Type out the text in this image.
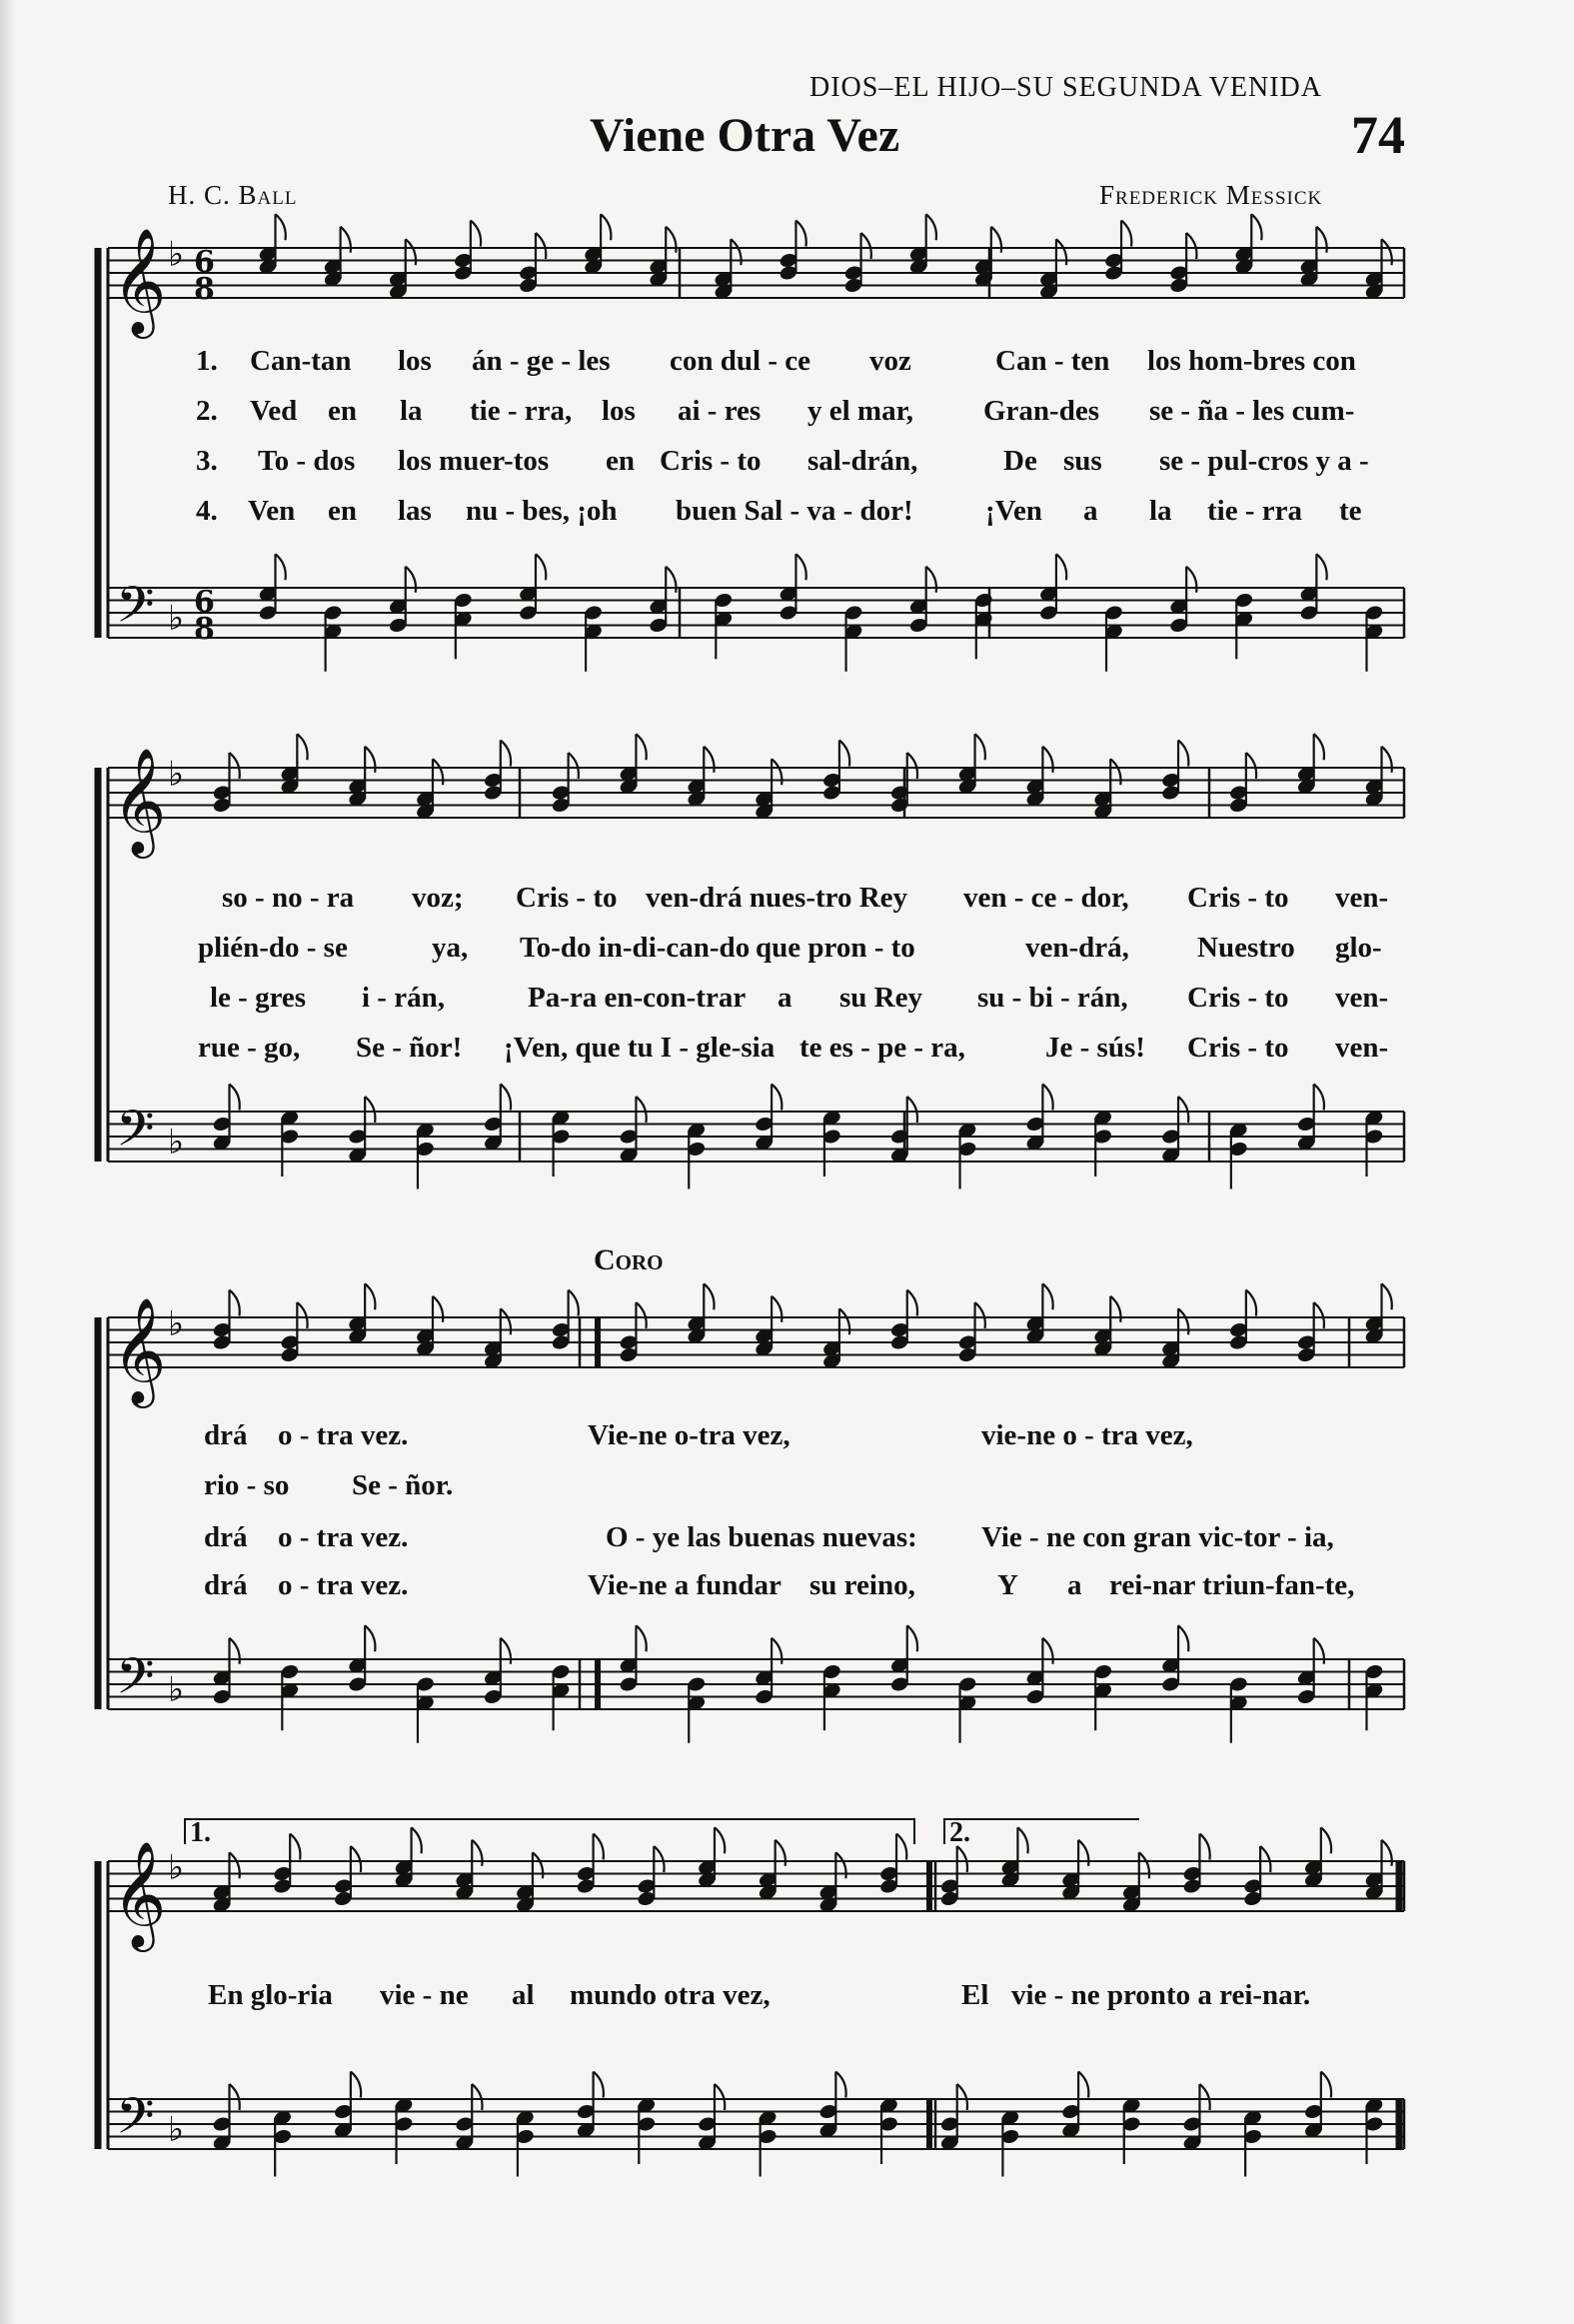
DIOS–EL HIJO–SU SEGUNDA VENIDA
Viene Otra Vez	74
H. C. Ball	Frederick Messick
Coro
1.	2.
𝄞
𝄢
♭
♭
6
8
6
8
𝄞
𝄢
♭
♭
𝄞
𝄢
♭
♭
𝄞
𝄢
♭
♭
1. Can-tan los án - ge - les con dul - ce voz	Can - ten los hom-bres con
2. Ved en la tie - rra, los ai - res y el mar, Gran-des se - ña - les cum-
3. To - dos los muer-tos en Cris - to sal-drán,	De sus se - pul-cros y a -
4. Ven en las nu - bes, ¡oh buen Sal - va - dor! ¡Ven a la tie - rra te
so - no - ra voz; Cris - to ven-drá nues-tro Rey ven - ce - dor, Cris - to ven-
plién-do - se	ya, To-do in-di-can-do que pron - to	ven-drá, Nuestro glo-
le - gres i - rán,	Pa-ra en-con-trar a su Rey su - bi - rán, Cris - to ven-
rue - go, Se - ñor! ¡Ven, que tu I - gle-sia te es - pe - ra,	Je - sús! Cris - to ven-
drá o - tra vez.	Vie-ne o-tra vez,	vie-ne o - tra vez,
rio - so Se - ñor.
drá o - tra vez.	O - ye las buenas nuevas: Vie - ne con gran vic-tor - ia,
drá o - tra vez.	Vie-ne a fundar su reino,	Y a rei-nar triun-fan-te,
En glo-ria vie - ne al mundo otra vez,	El vie - ne pronto a rei-nar.
